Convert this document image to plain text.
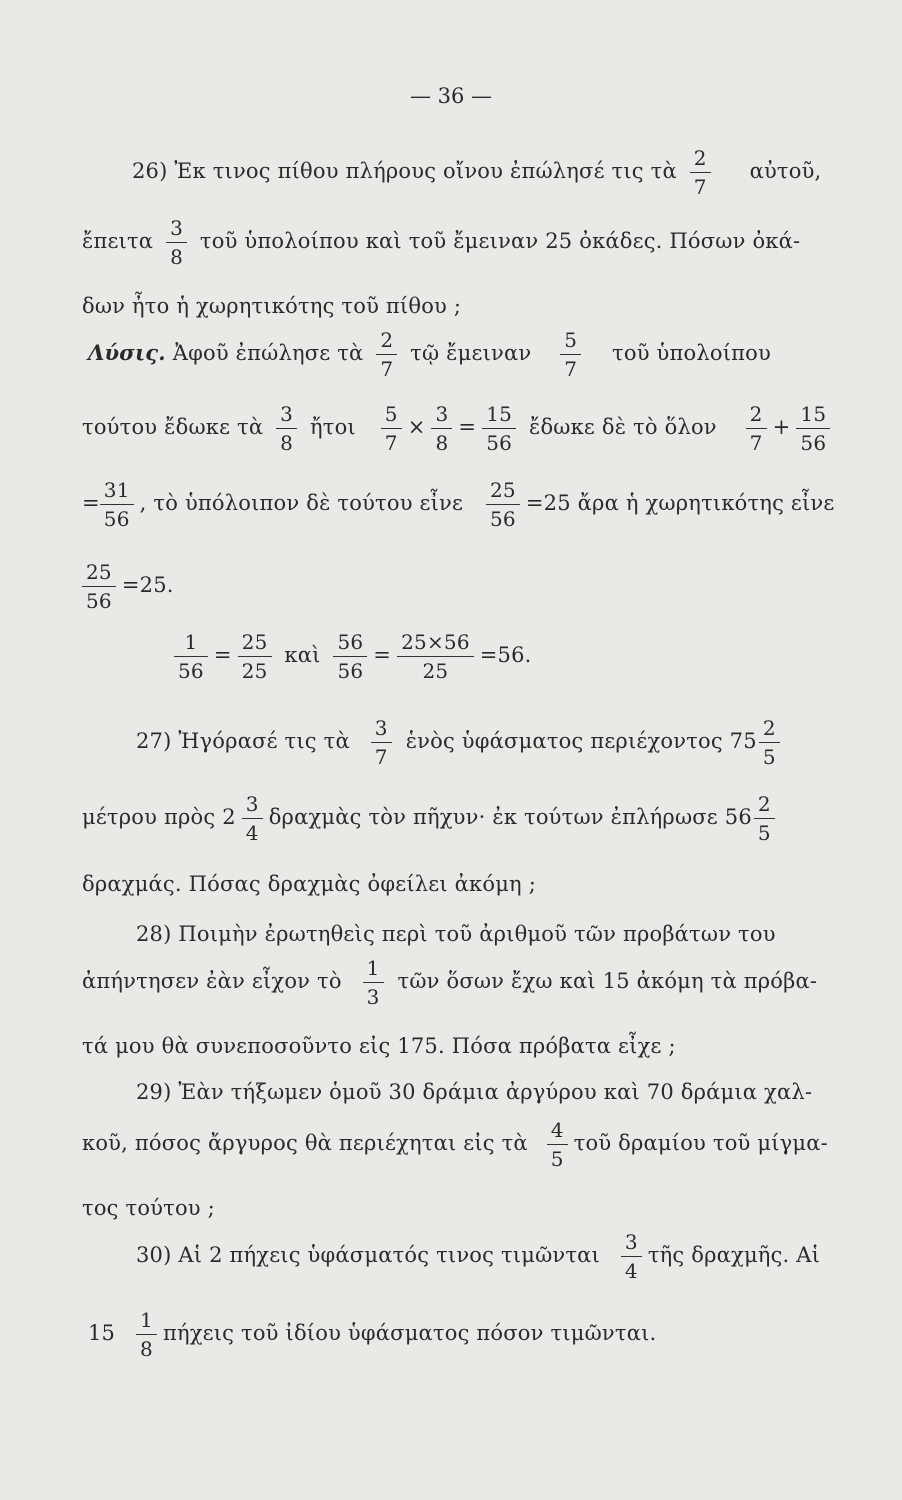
— 36 —
26) Ἐκ τινος πίθου πλήρους οἴνου ἐπώλησέ τις τὰ $\frac{2}{7}$ αὐτοῦ,
ἔπειτα $\frac{3}{8}$ τοῦ ὑπολοίπου καὶ τοῦ ἔμειναν 25 ὀκάδες. Πόσων ὀκά-
δων ἦτο ἡ χωρητικότης τοῦ πίθου ;
Λύσις. Ἀφοῦ ἐπώλησε τὰ $\frac{2}{7}$ τῷ ἔμειναν $\frac{5}{7}$ τοῦ ὑπολοίπου
τούτου ἔδωκε τὰ $\frac{3}{8}$ ἤτοι $\frac{5}{7} \times \frac{3}{8} = \frac{15}{56}$ ἔδωκε δὲ τὸ ὅλον $\frac{2}{7} + \frac{15}{56}$
= $\frac{31}{56}$ , τὸ ὑπόλοιπον δὲ τούτου εἶνε $\frac{25}{56} =25$ ἄρα ἡ χωρητικότης εἶνε
$\frac{25}{56} =25$.
$\frac{1}{56} = \frac{25}{25}$ καὶ $\frac{56}{56} = \frac{25\times 56}{25} =56$.
27) Ἠγόρασέ τις τὰ $\frac{3}{7}$ ἑνὸς ὑφάσματος περιέχοντος $75 \frac{2}{5}$
μέτρου πρὸς $2 \frac{3}{4}$ δραχμὰς τὸν πῆχυν· ἐκ τούτων ἐπλήρωσε $56 \frac{2}{5}$
δραχμάς. Πόσας δραχμὰς ὀφείλει ἀκόμη ;
28) Ποιμὴν ἐρωτηθεὶς περὶ τοῦ ἀριθμοῦ τῶν προβάτων του
ἀπήντησεν ἐὰν εἶχον τὸ $\frac{1}{3}$ τῶν ὅσων ἔχω καὶ 15 ἀκόμη τὰ πρόβα-
τά μου θὰ συνεποσοῦντο εἰς 175. Πόσα πρόβατα εἶχε ;
29) Ἐὰν τήξωμεν ὁμοῦ 30 δράμια ἀργύρου καὶ 70 δράμια χαλ-
κοῦ, πόσος ἄργυρος θὰ περιέχηται εἰς τὰ $\frac{4}{5}$ τοῦ δραμίου τοῦ μίγμα-
τος τούτου ;
30) Αἱ 2 πήχεις ὑφάσματός τινος τιμῶνται $\frac{3}{4}$ τῆς δραχμῆς. Αἱ
$15 \frac{1}{8}$ πήχεις τοῦ ἰδίου ὑφάσματος πόσον τιμῶνται.
